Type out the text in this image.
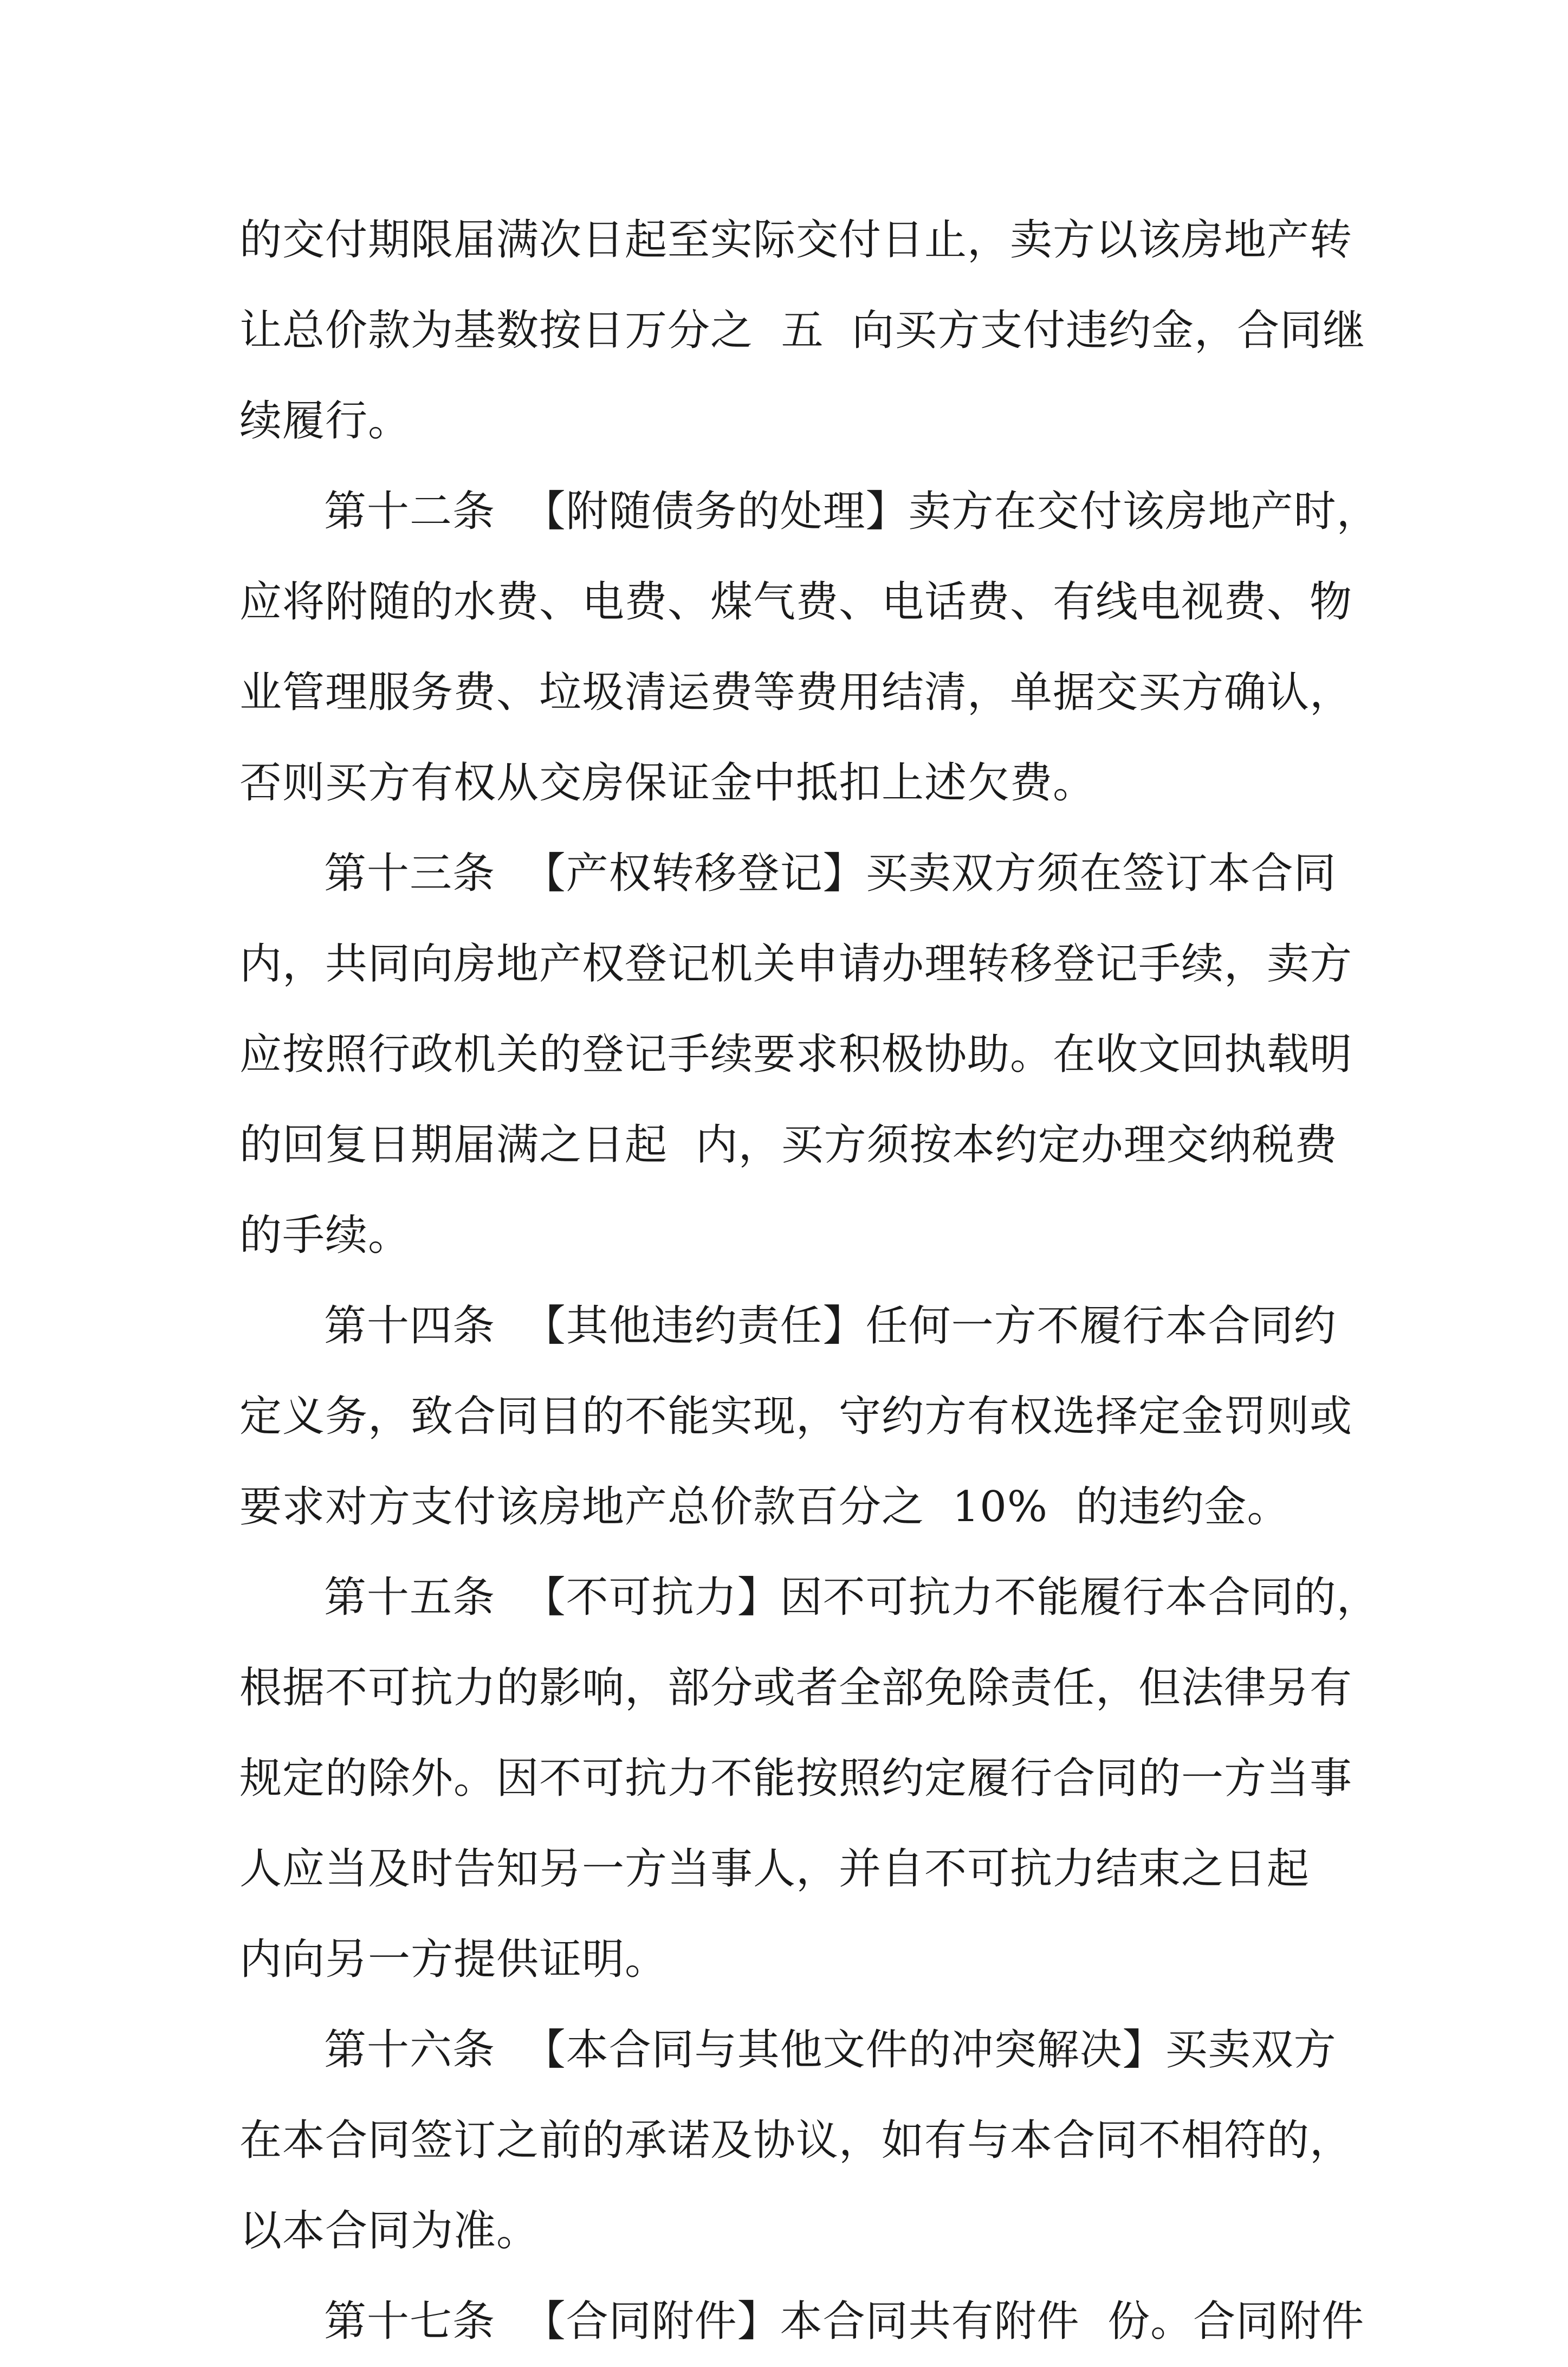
的交付期限届满次日起至实际交付日止，卖方以该房地产转
让总价款为基数按日万分之  五  向买方支付违约金，合同继
续履行。
第十二条  【附随债务的处理】卖方在交付该房地产时，
应将附随的水费、电费、煤气费、电话费、有线电视费、物
业管理服务费、垃圾清运费等费用结清，单据交买方确认，
否则买方有权从交房保证金中抵扣上述欠费。
第十三条  【产权转移登记】买卖双方须在签订本合同
内，共同向房地产权登记机关申请办理转移登记手续，卖方
应按照行政机关的登记手续要求积极协助。在收文回执载明
的回复日期届满之日起  内，买方须按本约定办理交纳税费
的手续。
第十四条  【其他违约责任】任何一方不履行本合同约
定义务，致合同目的不能实现，守约方有权选择定金罚则或
要求对方支付该房地产总价款百分之  10%  的违约金。
第十五条  【不可抗力】因不可抗力不能履行本合同的，
根据不可抗力的影响，部分或者全部免除责任，但法律另有
规定的除外。因不可抗力不能按照约定履行合同的一方当事
人应当及时告知另一方当事人，并自不可抗力结束之日起
内向另一方提供证明。
第十六条  【本合同与其他文件的冲突解决】买卖双方
在本合同签订之前的承诺及协议，如有与本合同不相符的，
以本合同为准。
第十七条  【合同附件】本合同共有附件  份。合同附件
